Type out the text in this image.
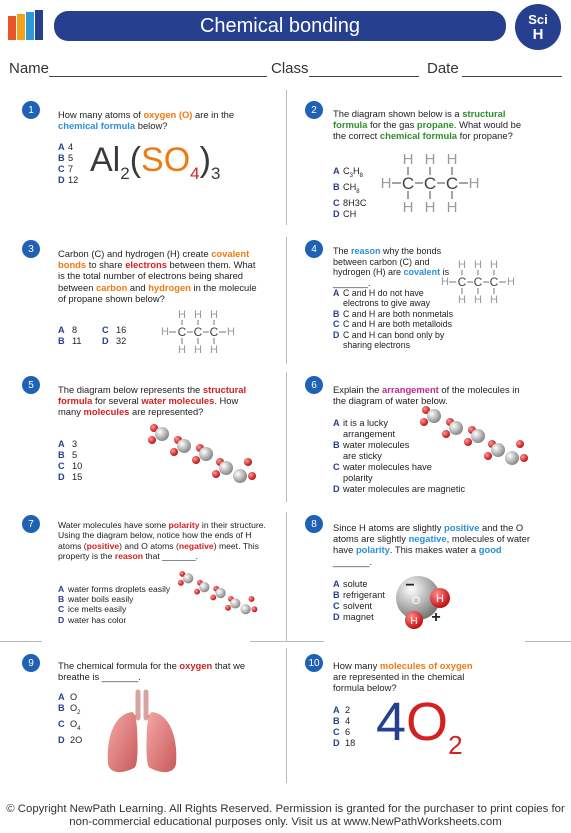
Chemical bonding	Sci
H
Name	Class	Date
1	How many atoms of oxygen (O) are in the chemical formula below?
A 4
B 5
C 7
D 12
$Al_2(SO_4)_3$
2	The diagram shown below is a structural formula for the gas propane. What would be the correct chemical formula for propane?
A $C_3H_8$
B $CH_8$
C 8H3C
D CH
H H H
H	H
H H H
C C C
3	Carbon (C) and hydrogen (H) create covalent bonds to share electrons between them. What is the total number of electrons being shared between carbon and hydrogen in the molecule of propane shown below?
A 8	C 16
B 11	D 32
H H H
H	H
H H H
C C C
4	The reason why the bonds between carbon (C) and hydrogen (H) are covalent is _______.
A C and H do not have electrons to give away
B C and H are both nonmetals
C C and H are both metalloids
D C and H can bond only by sharing electrons
H H H
H	H
H H H
C C C
5	The diagram below represents the structural formula for several water molecules. How many molecules are represented?
A 3
B 5
C 10
D 15
6	Explain the arrangement of the molecules in the diagram of water below.
A it is a lucky arrangement
B water molecules are sticky
C water molecules have polarity
D water molecules are magnetic
7	Water molecules have some polarity in their structure. Using the diagram below, notice how the ends of H atoms (positive) and O atoms (negative) meet. This property is the reason that _______.
A water forms droplets easily
B water boils easily
C ice melts easily
D water has color
8	Since H atoms are slightly positive and the O atoms are slightly negative, molecules of water have polarity. This makes water a good _______.
A solute
B refrigerant
C solvent
D magnet
−
O H
H +
9	The chemical formula for the oxygen that we breathe is _______.
A O
B $O_2$
C $O_4$
D 2O
10	How many molecules of oxygen are represented in the chemical formula below?
A 2
B 4
C 6
D 18 $4O_2$
© Copyright NewPath Learning. All Rights Reserved. Permission is granted for the purchaser to print copies for
non-commercial educational purposes only. Visit us at www.NewPathWorksheets.com
